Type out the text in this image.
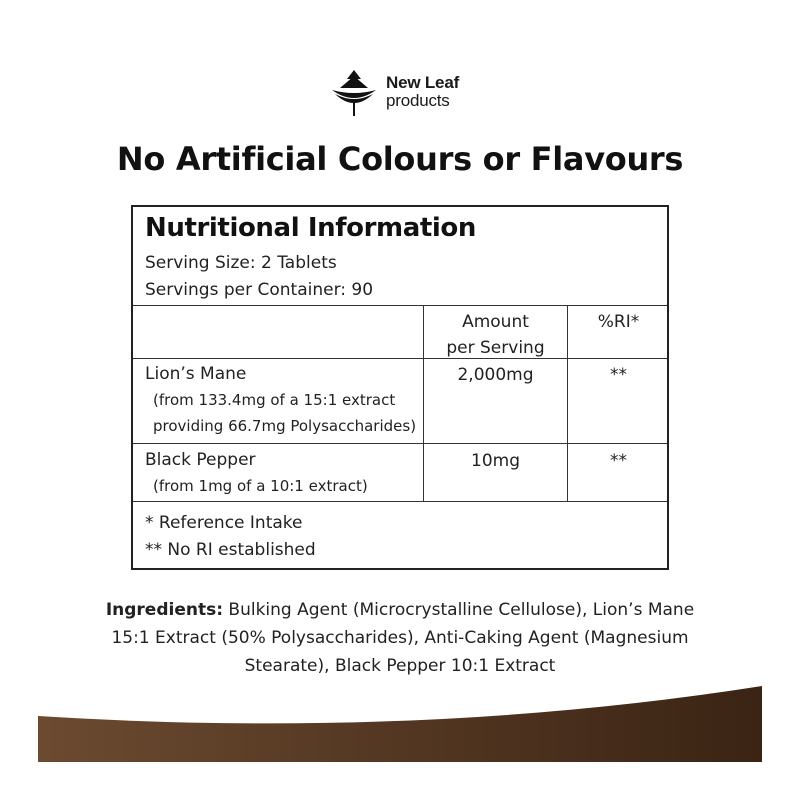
New Leaf
products
No Artificial Colours or Flavours
Nutritional Information
Serving Size: 2 Tablets
Servings per Container: 90
Amount
per Serving
%RI*
Lion’s Mane
(from 133.4mg of a 15:1 extract
providing 66.7mg Polysaccharides)
2,000mg	**
Black Pepper
(from 1mg of a 10:1 extract)
10mg	**
* Reference Intake
** No RI established
Ingredients: Bulking Agent (Microcrystalline Cellulose), Lion’s Mane 15:1 Extract (50% Polysaccharides), Anti-Caking Agent (Magnesium Stearate), Black Pepper 10:1 Extract
